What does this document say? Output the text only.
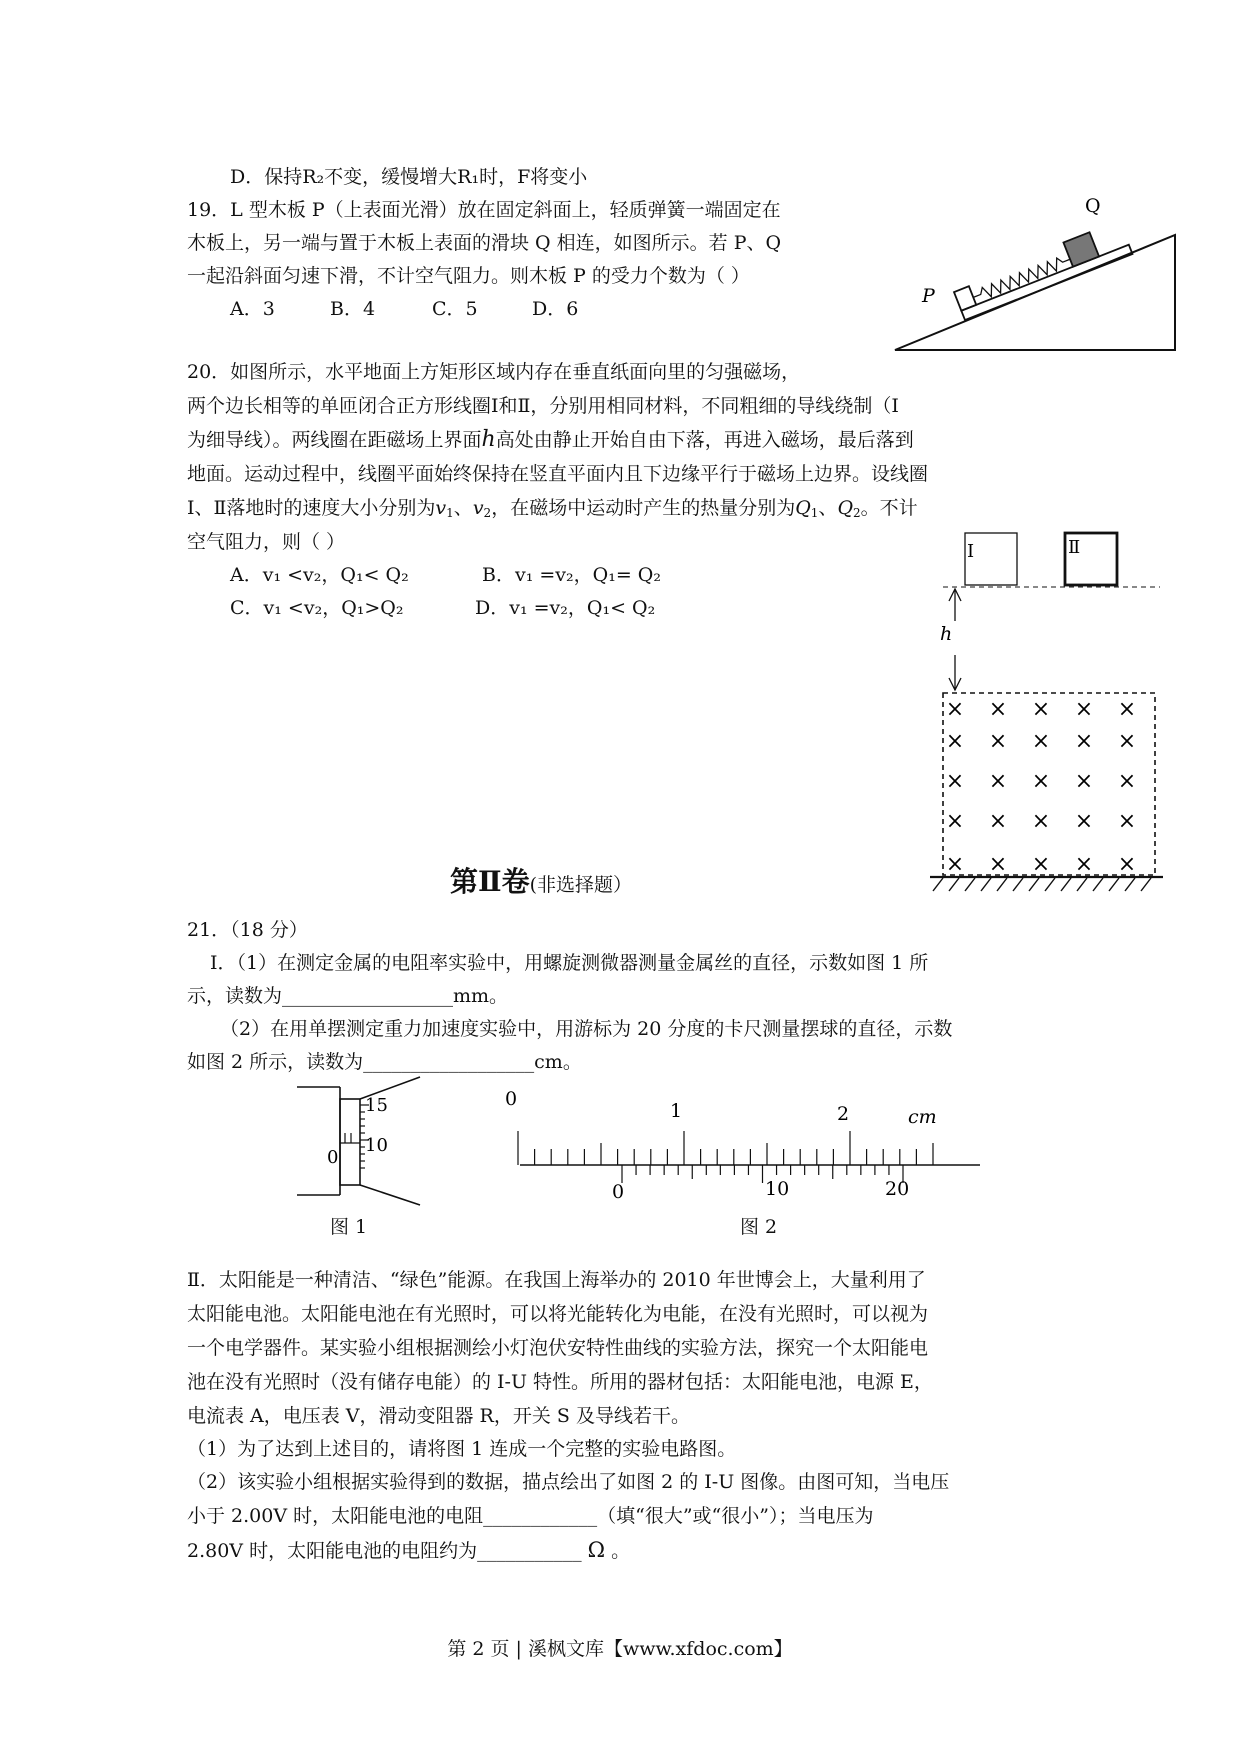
D．保持R₂不变，缓慢增大R₁时，F将变小
19．L 型木板 P（上表面光滑）放在固定斜面上，轻质弹簧一端固定在
木板上，另一端与置于木板上表面的滑块 Q 相连，如图所示。若 P、Q
一起沿斜面匀速下滑，不计空气阻力。则木板 P 的受力个数为（ ）
A．3	B．4	C．5	D．6
Q
P
20．如图所示，水平地面上方矩形区域内存在垂直纸面向里的匀强磁场，
两个边长相等的单匝闭合正方形线圈Ⅰ和Ⅱ，分别用相同材料，不同粗细的导线绕制（Ⅰ
为细导线）。两线圈在距磁场上界面h高处由静止开始自由下落，再进入磁场，最后落到
地面。运动过程中，线圈平面始终保持在竖直平面内且下边缘平行于磁场上边界。设线圈
Ⅰ、Ⅱ落地时的速度大小分别为$v_1$、$v_2$，在磁场中运动时产生的热量分别为$Q_1$、$Q_2$。不计
空气阻力，则（ ）
A．v₁ <v₂，Q₁< Q₂	B．v₁ =v₂，Q₁= Q₂
C．v₁ <v₂，Q₁>Q₂	D．v₁ =v₂，Q₁< Q₂
Ⅰ	Ⅱ
h
× × × × ×
× × × × ×
× × × × ×
× × × × ×
× × × × ×
第Ⅱ卷(非选择题）
21．（18 分）
Ⅰ．（1）在测定金属的电阻率实验中，用螺旋测微器测量金属丝的直径，示数如图 1 所
示，读数为__________________mm。
（2）在用单摆测定重力加速度实验中，用游标为 20 分度的卡尺测量摆球的直径，示数
如图 2 所示，读数为__________________cm。
15
10
0
图 1
0
1	2	cm
0	10	20
图 2
Ⅱ．太阳能是一种清洁、“绿色”能源。在我国上海举办的 2010 年世博会上，大量利用了
太阳能电池。太阳能电池在有光照时，可以将光能转化为电能，在没有光照时，可以视为
一个电学器件。某实验小组根据测绘小灯泡伏安特性曲线的实验方法，探究一个太阳能电
池在没有光照时（没有储存电能）的 I-U 特性。所用的器材包括：太阳能电池，电源 E，
电流表 A，电压表 V，滑动变阻器 R，开关 S 及导线若干。
（1）为了达到上述目的，请将图 1 连成一个完整的实验电路图。
（2）该实验小组根据实验得到的数据，描点绘出了如图 2 的 I-U 图像。由图可知，当电压
小于 2.00V 时，太阳能电池的电阻____________（填“很大”或“很小”）；当电压为
2.80V 时，太阳能电池的电阻约为___________ Ω 。
第 2 页 | 溪枫文库【www.xfdoc.com】
